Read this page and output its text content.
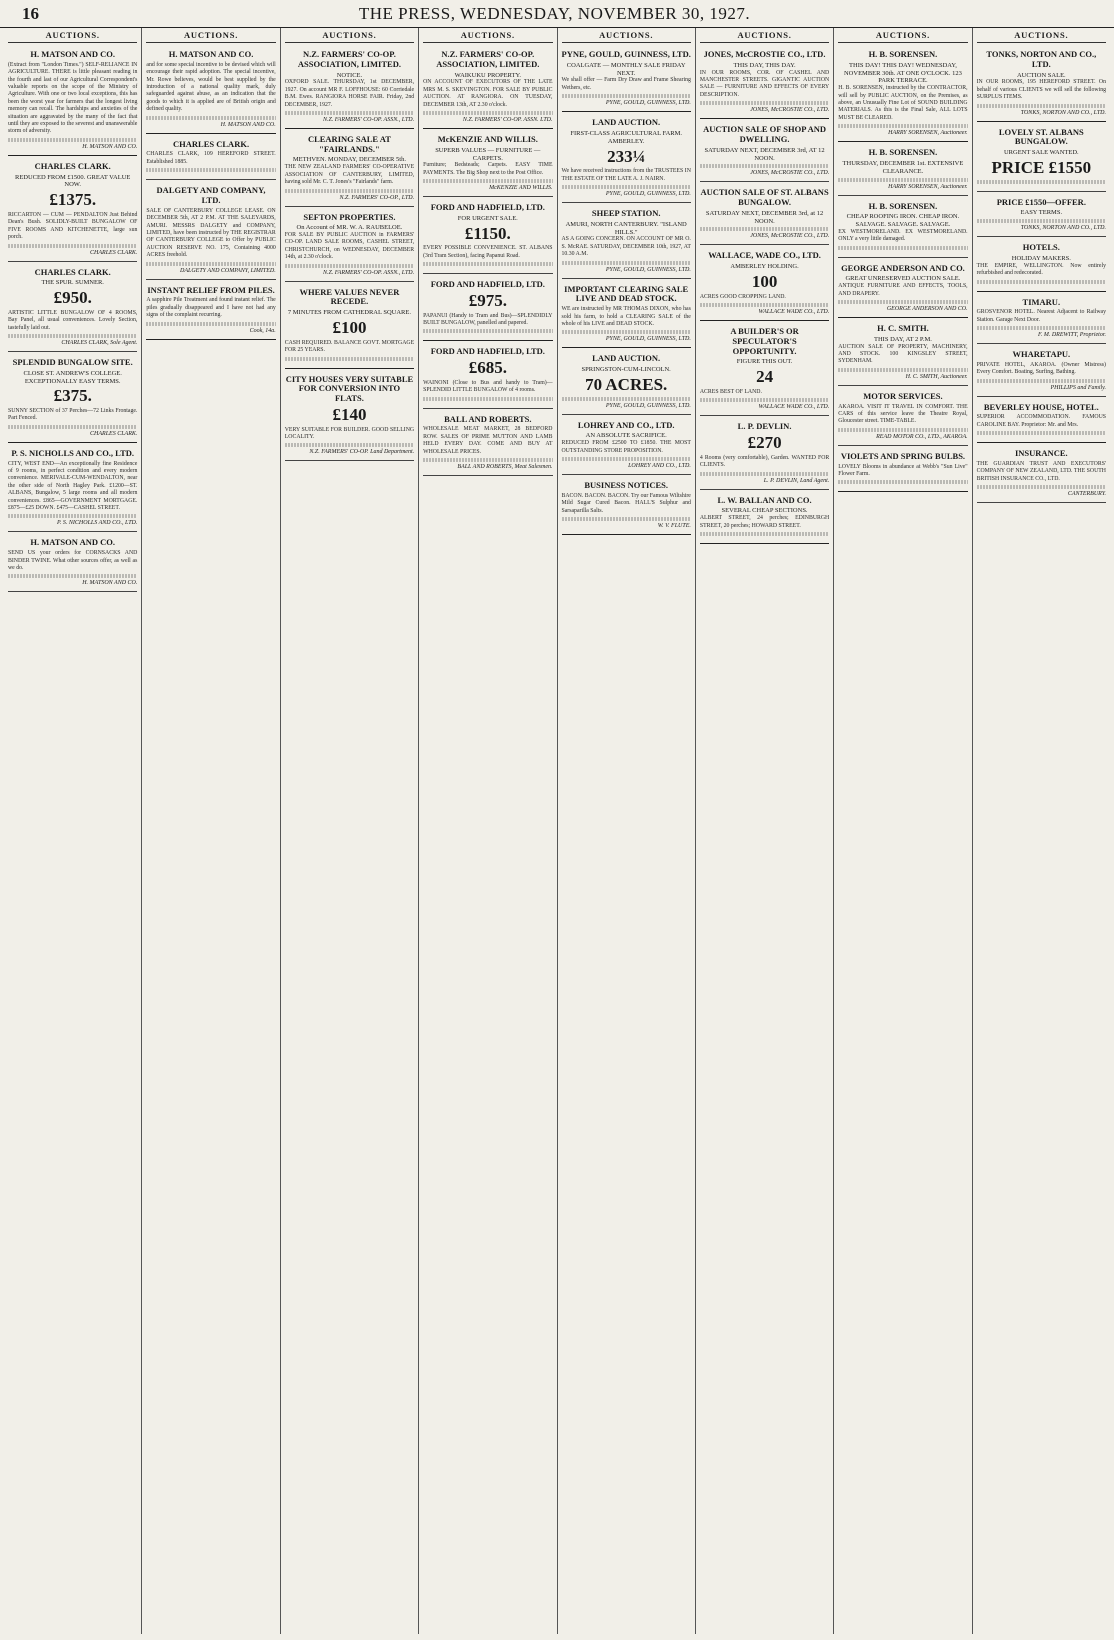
16	THE PRESS, WEDNESDAY, NOVEMBER 30, 1927.
AUCTIONS.
H. MATSON AND CO.
(Extract from "London Times.") SELF-RELIANCE IN AGRICULTURE. THERE is little pleasant reading in the fourth and last of our Agricultural Correspondent's valuable reports on the scope of the Ministry of Agriculture. With one or two local exceptions, this has been the worst year for farmers that the longest living memory can recall. The hardships and anxieties of the situation are aggravated by the many of the fact that until they are exposed to the severest and unanswerable storm of adversity.
H. MATSON AND CO.
CHARLES CLARK.
REDUCED FROM £1500. GREAT VALUE NOW.
£1375.
RICCARTON — CUM — PENDALTON Just Behind Dean's Bush. SOLIDLY-BUILT BUNGALOW OF FIVE ROOMS AND KITCHENETTE, large sun porch.
CHARLES CLARK.
CHARLES CLARK.
THE SPUR. SUMNER.
£950.
ARTISTIC LITTLE BUNGALOW OF 4 ROOMS, Bay Panel, all usual conveniences. Lovely Section, tastefully laid out.
CHARLES CLARK, Sole Agent.
SPLENDID BUNGALOW SITE.
CLOSE ST. ANDREW'S COLLEGE. EXCEPTIONALLY EASY TERMS.
£375.
SUNNY SECTION of 37 Perches—72 Links Frontage. Part Fenced.
CHARLES CLARK.
P. S. NICHOLLS AND CO., LTD.
CITY, WEST END—An exceptionally fine Residence of 9 rooms, in perfect condition and every modern convenience. MERIVALE-CUM-WENDALTON, near the other side of North Hagley Park. £1200—ST. ALBANS, Bungalow, 5 large rooms and all modern conveniences. £865—GOVERNMENT MORTGAGE. £875—£25 DOWN. £475—CASHEL STREET.
P. S. NICHOLLS AND CO., LTD.
H. MATSON AND CO.
SEND US your orders for CORNSACKS AND BINDER TWINE. What other sources offer, as well as we do.
H. MATSON AND CO.
AUCTIONS.
H. MATSON AND CO.
and for some special incentive to be devised which will encourage their rapid adoption. The special incentive, Mr. Rowe believes, would be best supplied by the introduction of a national quality mark, duly safeguarded against abuse, as an indication that the goods to which it is applied are of British origin and defined quality.
H. MATSON AND CO.
CHARLES CLARK.
CHARLES CLARK, 109 HEREFORD STREET. Established 1885.
DALGETY AND COMPANY, LTD.
SALE OF CANTERBURY COLLEGE LEASE. ON DECEMBER 5th, AT 2 P.M. AT THE SALEYARDS, AMURI. MESSRS DALGETY and COMPANY, LIMITED, have been instructed by THE REGISTRAR OF CANTERBURY COLLEGE to Offer by PUBLIC AUCTION RESERVE NO. 175, Containing 4000 ACRES freehold.
DALGETY AND COMPANY, LIMITED.
INSTANT RELIEF FROM PILES.
A sapphire Pile Treatment and found instant relief. The piles gradually disappeared and I have not had any signs of the complaint recurring.
Cook, 14a.
AUCTIONS.
N.Z. FARMERS' CO-OP. ASSOCIATION, LIMITED.
NOTICE.
OXFORD SALE. THURSDAY, 1st DECEMBER, 1927. On account MR F. LOFFHOUSE: 60 Corriedale B.M. Ewes. RANGIORA HORSE FAIR. Friday, 2nd DECEMBER, 1927.
N.Z. FARMERS' CO-OP. ASSN., LTD.
CLEARING SALE AT "FAIRLANDS."
METHVEN. MONDAY, DECEMBER 5th.
THE NEW ZEALAND FARMERS' CO-OPERATIVE ASSOCIATION OF CANTERBURY, LIMITED, having sold Mr. C. T. Jones's "Fairlands" farm.
N.Z. FARMERS' CO-OP., LTD.
SEFTON PROPERTIES.
On Account of MR. W. A. RAUBELOE.
FOR SALE BY PUBLIC AUCTION in FARMERS' CO-OP. LAND SALE ROOMS, CASHEL STREET, CHRISTCHURCH, on WEDNESDAY, DECEMBER 14th, at 2.30 o'clock.
N.Z. FARMERS' CO-OP. ASSN., LTD.
WHERE VALUES NEVER RECEDE.
7 MINUTES FROM CATHEDRAL SQUARE.
£100
CASH REQUIRED. BALANCE GOVT. MORTGAGE FOR 25 YEARS.
CITY HOUSES VERY SUITABLE FOR CONVERSION INTO FLATS.
£140
VERY SUITABLE FOR BUILDER. GOOD SELLING LOCALITY.
N.Z. FARMERS' CO-OP. Land Department.
AUCTIONS.
N.Z. FARMERS' CO-OP. ASSOCIATION, LIMITED.
WAIKUKU PROPERTY.
ON ACCOUNT OF EXECUTORS OF THE LATE MRS M. S. SKEVINGTON. FOR SALE BY PUBLIC AUCTION. AT RANGIORA. ON TUESDAY, DECEMBER 13th, AT 2.30 o'clock.
N.Z. FARMERS' CO-OP. ASSN. LTD.
McKENZIE AND WILLIS.
SUPERB VALUES — FURNITURE — CARPETS.
Furniture; Bedsteads; Carpets. EASY TIME PAYMENTS. The Big Shop next to the Post Office.
McKENZIE AND WILLIS.
FORD AND HADFIELD, LTD.
FOR URGENT SALE.
£1150.
EVERY POSSIBLE CONVENIENCE. ST. ALBANS (3rd Tram Section), facing Papanui Road.
FORD AND HADFIELD, LTD.
£975.
PAPANUI (Handy to Tram and Bus)—SPLENDIDLY BUILT BUNGALOW, panelled and papered.
FORD AND HADFIELD, LTD.
£685.
WAINONI (Close to Bus and handy to Tram)—SPLENDID LITTLE BUNGALOW of 4 rooms.
BALL AND ROBERTS.
WHOLESALE MEAT MARKET, 28 BEDFORD ROW. SALES OF PRIME MUTTON AND LAMB HELD EVERY DAY. COME AND BUY AT WHOLESALE PRICES.
BALL AND ROBERTS, Meat Salesmen.
AUCTIONS.
PYNE, GOULD, GUINNESS, LTD.
COALGATE — MONTHLY SALE FRIDAY NEXT.
We shall offer — Farm Dry Draw and Frame Shearing Wethers, etc.
PYNE, GOULD, GUINNESS, LTD.
LAND AUCTION.
FIRST-CLASS AGRICULTURAL FARM. AMBERLEY.
233¼
We have received instructions from the TRUSTEES IN THE ESTATE OF THE LATE A. J. NAIRN.
PYNE, GOULD, GUINNESS, LTD.
SHEEP STATION.
AMURI, NORTH CANTERBURY. "ISLAND HILLS."
AS A GOING CONCERN. ON ACCOUNT OF MR O. S. McRAE. SATURDAY, DECEMBER 10th, 1927, AT 10.30 A.M.
PYNE, GOULD, GUINNESS, LTD.
IMPORTANT CLEARING SALE LIVE AND DEAD STOCK.
WE are instructed by MR THOMAS DIXON, who has sold his farm, to hold a CLEARING SALE of the whole of his LIVE and DEAD STOCK.
PYNE, GOULD, GUINNESS, LTD.
LAND AUCTION.
SPRINGSTON-CUM-LINCOLN.
70 ACRES.
PYNE, GOULD, GUINNESS, LTD.
LOHREY AND CO., LTD.
AN ABSOLUTE SACRIFICE.
REDUCED FROM £2500 TO £1850. THE MOST OUTSTANDING STORE PROPOSITION.
LOHREY AND CO., LTD.
BUSINESS NOTICES.
BACON. BACON. BACON. Try our Famous Wiltshire Mild Sugar Cured Bacon. HALL'S Sulphur and Sarsaparilla Salts.
W. V. FLUTE.
AUCTIONS.
JONES, McCROSTIE CO., LTD.
THIS DAY, THIS DAY.
IN OUR ROOMS, COR. OF CASHEL AND MANCHESTER STREETS. GIGANTIC AUCTION SALE — FURNITURE AND EFFECTS OF EVERY DESCRIPTION.
JONES, McCROSTIE CO., LTD.
AUCTION SALE OF SHOP AND DWELLING.
SATURDAY NEXT, DECEMBER 3rd, AT 12 NOON.
JONES, McCROSTIE CO., LTD.
AUCTION SALE OF ST. ALBANS BUNGALOW.
SATURDAY NEXT, DECEMBER 3rd, at 12 NOON.
JONES, McCROSTIE CO., LTD.
WALLACE, WADE CO., LTD.
AMBERLEY HOLDING.
100
ACRES GOOD CROPPING LAND.
WALLACE WADE CO., LTD.
A BUILDER'S OR SPECULATOR'S OPPORTUNITY.
FIGURE THIS OUT.
24
ACRES BEST OF LAND.
WALLACE WADE CO., LTD.
L. P. DEVLIN.
£270
4 Rooms (very comfortable), Garden. WANTED FOR CLIENTS.
L. P. DEVLIN, Land Agent.
L. W. BALLAN AND CO.
SEVERAL CHEAP SECTIONS.
ALBERT STREET, 24 perches; EDINBURGH STREET, 20 perches; HOWARD STREET.
AUCTIONS.
H. B. SORENSEN.
THIS DAY! THIS DAY! WEDNESDAY, NOVEMBER 30th. AT ONE O'CLOCK. 123 PARK TERRACE.
H. B. SORENSEN, instructed by the CONTRACTOR, will sell by PUBLIC AUCTION, on the Premises, as above, an Unusually Fine Lot of SOUND BUILDING MATERIALS. As this is the Final Sale, ALL LOTS MUST BE CLEARED.
HARRY SORENSEN, Auctioneer.
H. B. SORENSEN.
THURSDAY, DECEMBER 1st. EXTENSIVE CLEARANCE.
HARRY SORENSEN, Auctioneer.
H. B. SORENSEN.
CHEAP ROOFING IRON. CHEAP IRON. SALVAGE. SALVAGE. SALVAGE.
EX WESTMORELAND. EX WESTMORELAND. ONLY a very little damaged.
GEORGE ANDERSON AND CO.
GREAT UNRESERVED AUCTION SALE.
ANTIQUE FURNITURE AND EFFECTS, TOOLS, AND DRAPERY.
GEORGE ANDERSON AND CO.
H. C. SMITH.
THIS DAY, AT 2 P.M.
AUCTION SALE OF PROPERTY, MACHINERY, AND STOCK. 100 KINGSLEY STREET, SYDENHAM.
H. C. SMITH, Auctioneer.
MOTOR SERVICES.
AKAROA. VISIT IT TRAVEL IN COMFORT. THE CARS of this service leave the Theatre Royal, Gloucester street. TIME-TABLE.
READ MOTOR CO., LTD., AKAROA.
VIOLETS AND SPRING BULBS.
LOVELY Blooms in abundance at Webb's "Sun Live" Flower Farm.
AUCTIONS.
TONKS, NORTON AND CO., LTD.
AUCTION SALE.
IN OUR ROOMS, 195 HEREFORD STREET. On behalf of various CLIENTS we will sell the following SURPLUS ITEMS.
TONKS, NORTON AND CO., LTD.
LOVELY ST. ALBANS BUNGALOW.
URGENT SALE WANTED.
PRICE £1550
PRICE £1550—OFFER.
EASY TERMS.
TONKS, NORTON AND CO., LTD.
HOTELS.
HOLIDAY MAKERS.
THE EMPIRE, WELLINGTON. Now entirely refurbished and redecorated.
TIMARU.
GROSVENOR HOTEL. Nearest Adjacent to Railway Station. Garage Next Door.
F. M. DREWITT, Proprietor.
WHARETAPU.
PRIVATE HOTEL, AKAROA. (Owner Mistress) Every Comfort. Boating, Surfing, Bathing.
PHILLIPS and Family.
BEVERLEY HOUSE, HOTEL.
SUPERIOR ACCOMMODATION. FAMOUS CAROLINE BAY. Proprietor: Mr. and Mrs.
INSURANCE.
THE GUARDIAN TRUST AND EXECUTORS' COMPANY OF NEW ZEALAND, LTD. THE SOUTH BRITISH INSURANCE CO., LTD.
CANTERBURY.
